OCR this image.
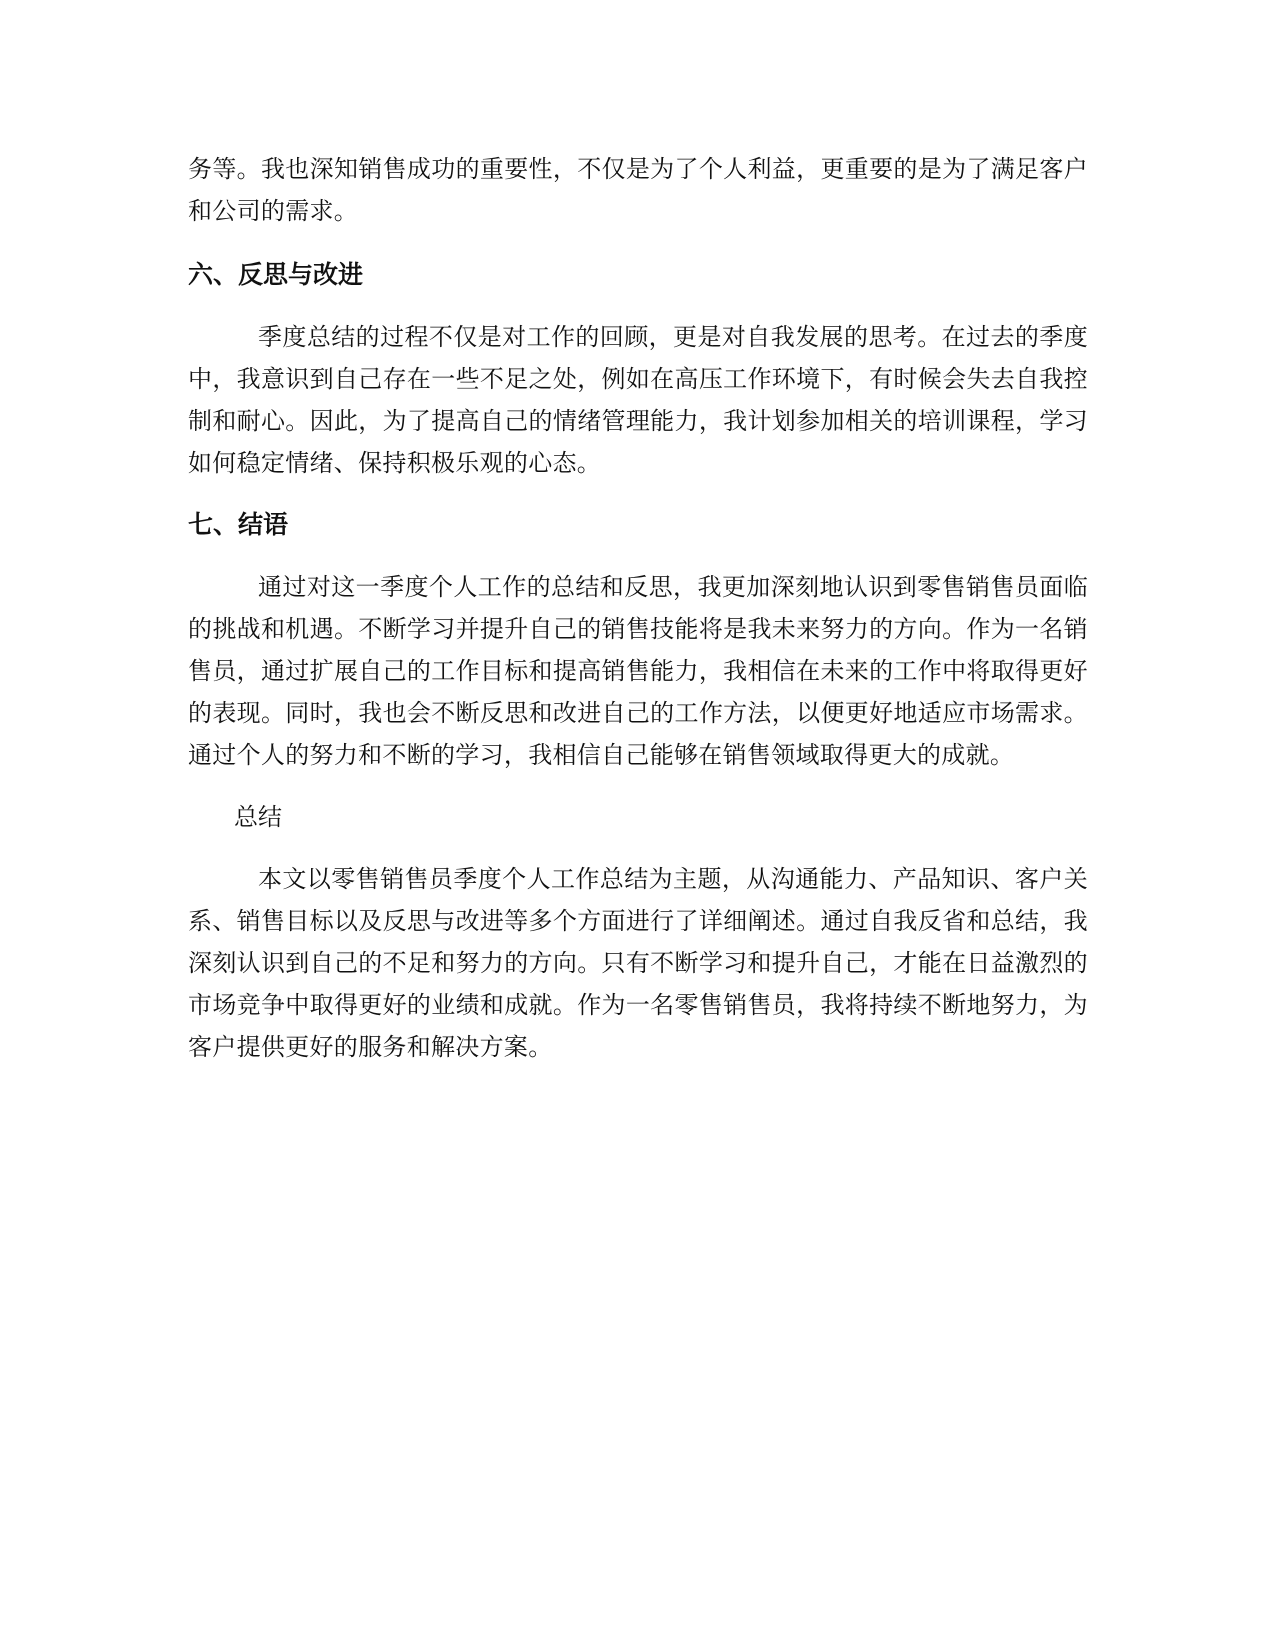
务等。我也深知销售成功的重要性，不仅是为了个人利益，更重要的是为了满足客户和公司的需求。

六、反思与改进

季度总结的过程不仅是对工作的回顾，更是对自我发展的思考。在过去的季度中，我意识到自己存在一些不足之处，例如在高压工作环境下，有时候会失去自我控制和耐心。因此，为了提高自己的情绪管理能力，我计划参加相关的培训课程，学习如何稳定情绪、保持积极乐观的心态。

七、结语

通过对这一季度个人工作的总结和反思，我更加深刻地认识到零售销售员面临的挑战和机遇。不断学习并提升自己的销售技能将是我未来努力的方向。作为一名销售员，通过扩展自己的工作目标和提高销售能力，我相信在未来的工作中将取得更好的表现。同时，我也会不断反思和改进自己的工作方法，以便更好地适应市场需求。通过个人的努力和不断的学习，我相信自己能够在销售领域取得更大的成就。

总结

本文以零售销售员季度个人工作总结为主题，从沟通能力、产品知识、客户关系、销售目标以及反思与改进等多个方面进行了详细阐述。通过自我反省和总结，我深刻认识到自己的不足和努力的方向。只有不断学习和提升自己，才能在日益激烈的市场竞争中取得更好的业绩和成就。作为一名零售销售员，我将持续不断地努力，为客户提供更好的服务和解决方案。
